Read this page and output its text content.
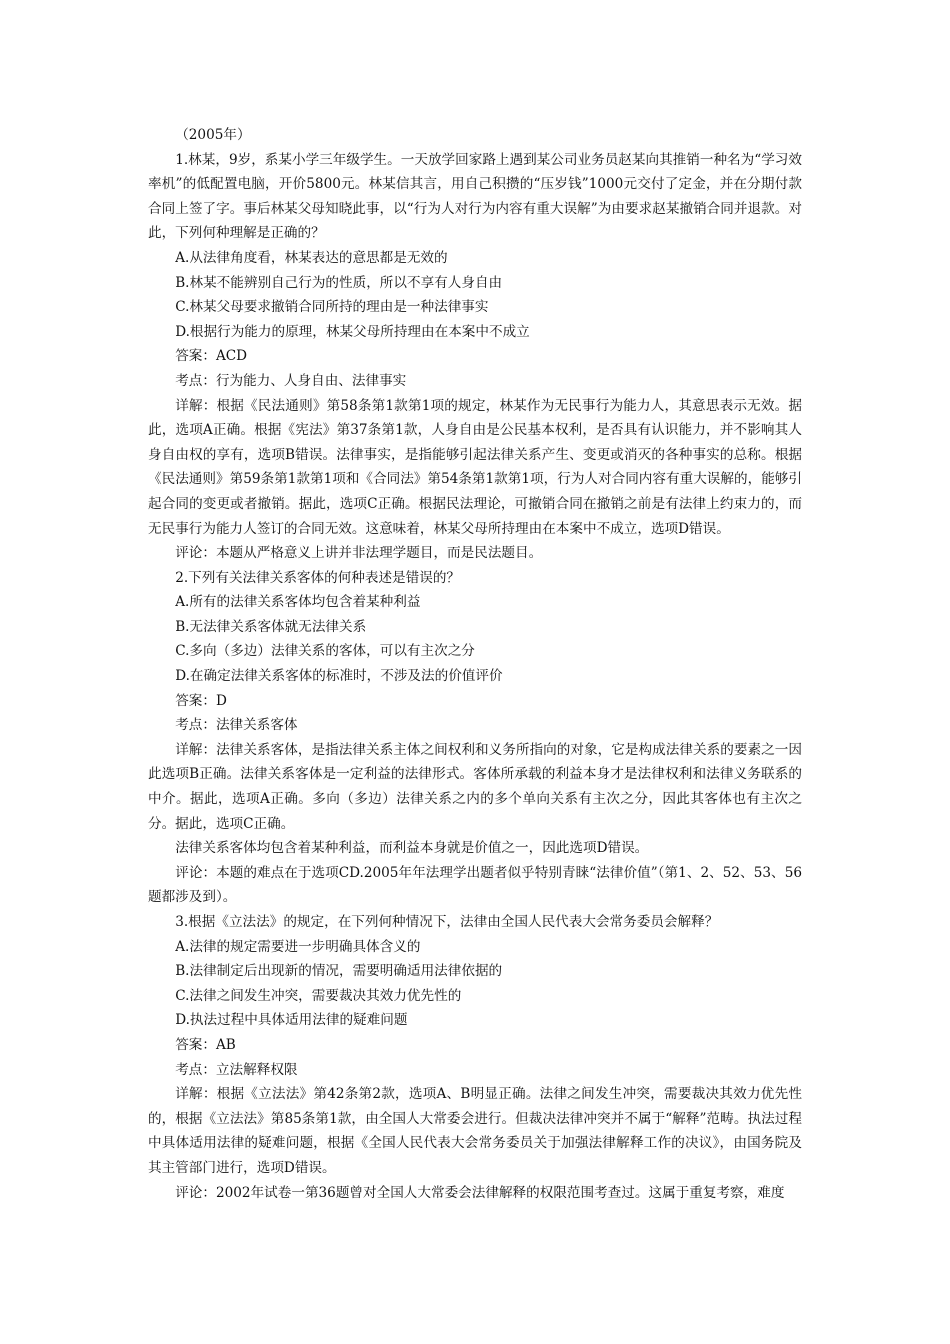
（2005年）

1.林某，9岁，系某小学三年级学生。一天放学回家路上遇到某公司业务员赵某向其推销一种名为“学习效率机”的低配置电脑，开价5800元。林某信其言，用自己积攒的“压岁钱”1000元交付了定金，并在分期付款合同上签了字。事后林某父母知晓此事，以“行为人对行为内容有重大误解”为由要求赵某撤销合同并退款。对此，下列何种理解是正确的？

A.从法律角度看，林某表达的意思都是无效的

B.林某不能辨别自己行为的性质，所以不享有人身自由

C.林某父母要求撤销合同所持的理由是一种法律事实

D.根据行为能力的原理，林某父母所持理由在本案中不成立

答案：ACD

考点：行为能力、人身自由、法律事实

详解：根据《民法通则》第58条第1款第1项的规定，林某作为无民事行为能力人，其意思表示无效。据此，选项A正确。根据《宪法》第37条第1款，人身自由是公民基本权利，是否具有认识能力，并不影响其人身自由权的享有，选项B错误。法律事实，是指能够引起法律关系产生、变更或消灭的各种事实的总称。根据《民法通则》第59条第1款第1项和《合同法》第54条第1款第1项，行为人对合同内容有重大误解的，能够引起合同的变更或者撤销。据此，选项C正确。根据民法理论，可撤销合同在撤销之前是有法律上约束力的，而无民事行为能力人签订的合同无效。这意味着，林某父母所持理由在本案中不成立，选项D错误。

评论：本题从严格意义上讲并非法理学题目，而是民法题目。

2.下列有关法律关系客体的何种表述是错误的？

A.所有的法律关系客体均包含着某种利益

B.无法律关系客体就无法律关系

C.多向（多边）法律关系的客体，可以有主次之分

D.在确定法律关系客体的标准时，不涉及法的价值评价

答案：D

考点：法律关系客体

详解：法律关系客体，是指法律关系主体之间权利和义务所指向的对象，它是构成法律关系的要素之一因此选项B正确。法律关系客体是一定利益的法律形式。客体所承载的利益本身才是法律权利和法律义务联系的中介。据此，选项A正确。多向（多边）法律关系之内的多个单向关系有主次之分，因此其客体也有主次之分。据此，选项C正确。

法律关系客体均包含着某种利益，而利益本身就是价值之一，因此选项D错误。

评论：本题的难点在于选项CD.2005年年法理学出题者似乎特别青睐“法律价值”（第1、2、52、53、56题都涉及到）。

3.根据《立法法》的规定，在下列何种情况下，法律由全国人民代表大会常务委员会解释？

A.法律的规定需要进一步明确具体含义的

B.法律制定后出现新的情况，需要明确适用法律依据的

C.法律之间发生冲突，需要裁决其效力优先性的

D.执法过程中具体适用法律的疑难问题

答案：AB

考点：立法解释权限

详解：根据《立法法》第42条第2款，选项A、B明显正确。法律之间发生冲突，需要裁决其效力优先性的，根据《立法法》第85条第1款，由全国人大常委会进行。但裁决法律冲突并不属于“解释”范畴。执法过程中具体适用法律的疑难问题，根据《全国人民代表大会常务委员关于加强法律解释工作的决议》，由国务院及其主管部门进行，选项D错误。

评论：2002年试卷一第36题曾对全国人大常委会法律解释的权限范围考查过。这属于重复考察，难度
